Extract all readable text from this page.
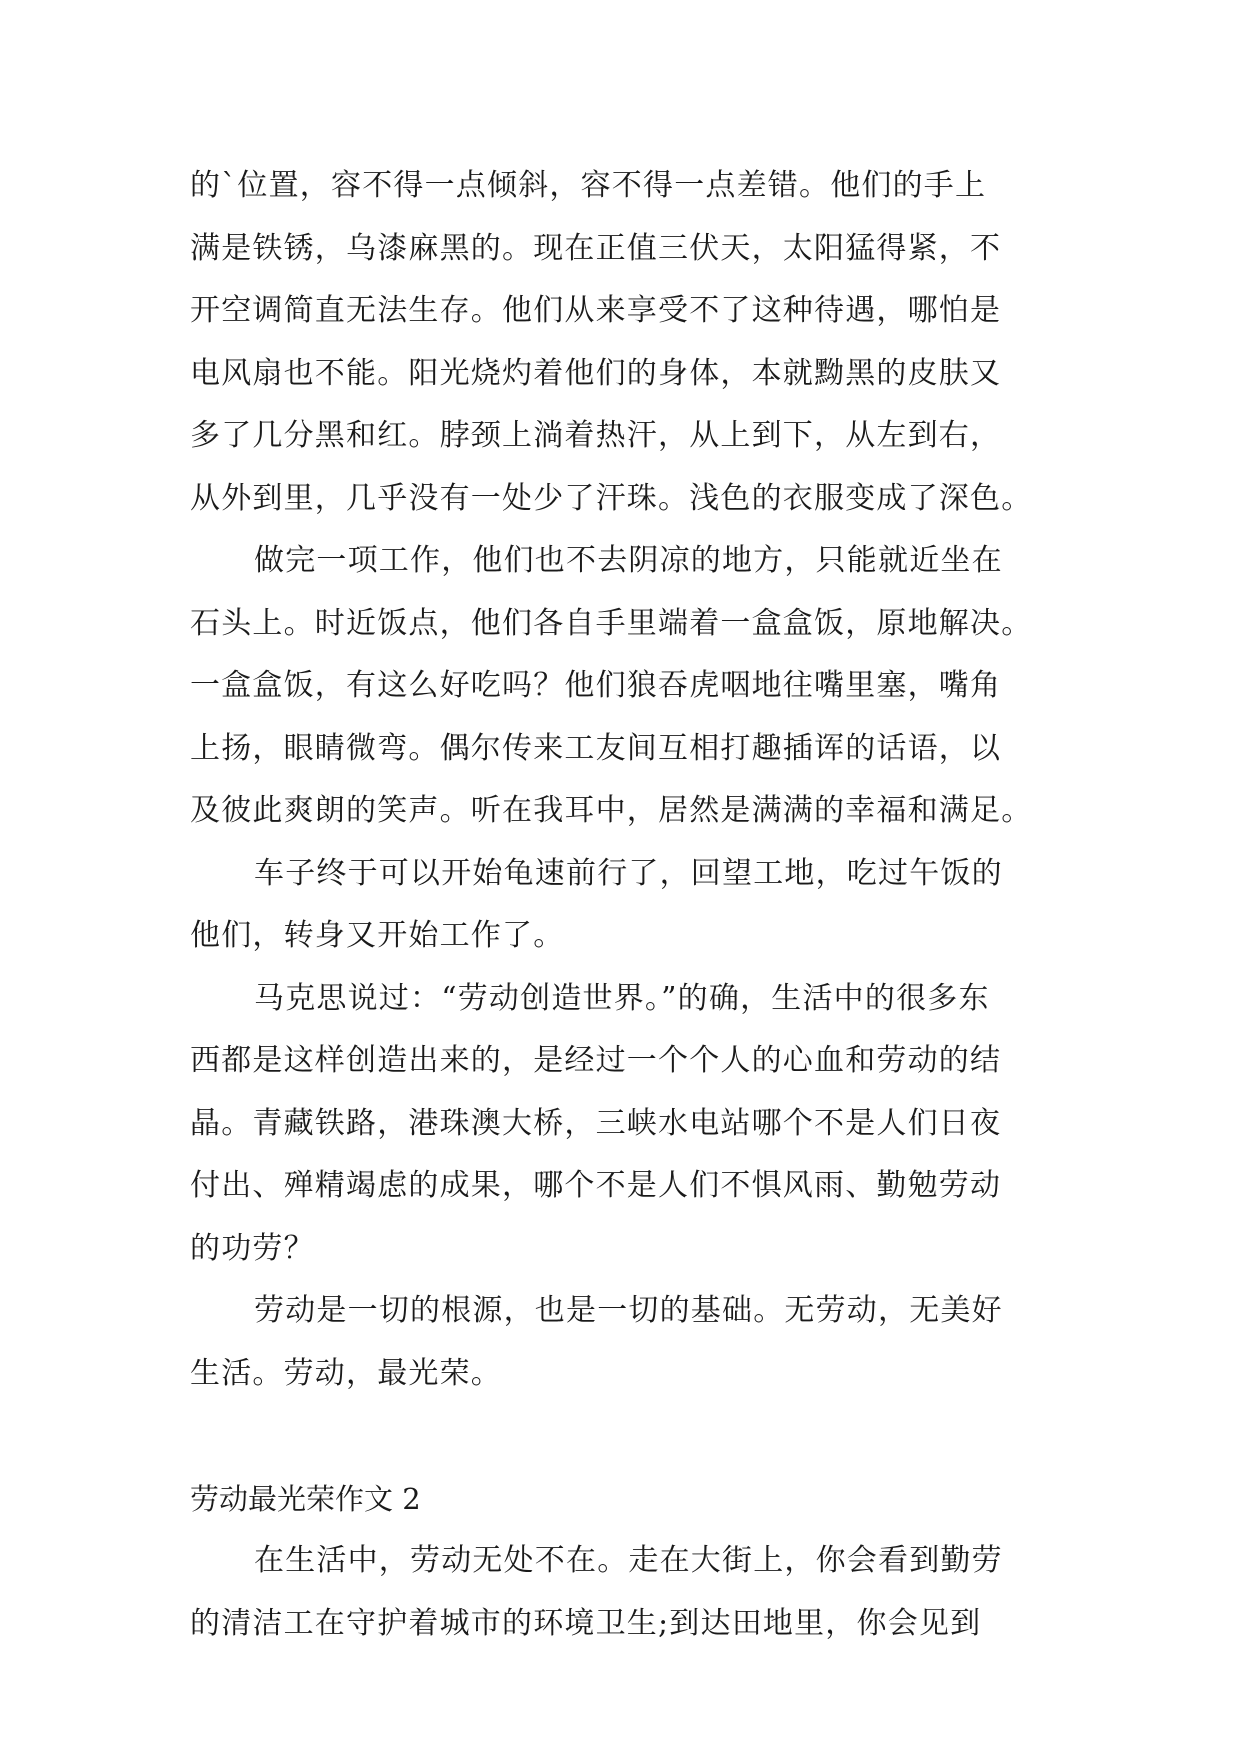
的`位置，容不得一点倾斜，容不得一点差错。他们的手上
满是铁锈，乌漆麻黑的。现在正值三伏天，太阳猛得紧，不
开空调简直无法生存。他们从来享受不了这种待遇，哪怕是
电风扇也不能。阳光烧灼着他们的身体，本就黝黑的皮肤又
多了几分黑和红。脖颈上淌着热汗，从上到下，从左到右，
从外到里，几乎没有一处少了汗珠。浅色的衣服变成了深色。
做完一项工作，他们也不去阴凉的地方，只能就近坐在
石头上。时近饭点，他们各自手里端着一盒盒饭，原地解决。
一盒盒饭，有这么好吃吗？他们狼吞虎咽地往嘴里塞，嘴角
上扬，眼睛微弯。偶尔传来工友间互相打趣插诨的话语，以
及彼此爽朗的笑声。听在我耳中，居然是满满的幸福和满足。
车子终于可以开始龟速前行了，回望工地，吃过午饭的
他们，转身又开始工作了。
马克思说过：“劳动创造世界。”的确，生活中的很多东
西都是这样创造出来的，是经过一个个人的心血和劳动的结
晶。青藏铁路，港珠澳大桥，三峡水电站哪个不是人们日夜
付出、殚精竭虑的成果，哪个不是人们不惧风雨、勤勉劳动
的功劳？
劳动是一切的根源，也是一切的基础。无劳动，无美好
生活。劳动，最光荣。
劳动最光荣作文 2
在生活中，劳动无处不在。走在大街上，你会看到勤劳
的清洁工在守护着城市的环境卫生;到达田地里，你会见到
